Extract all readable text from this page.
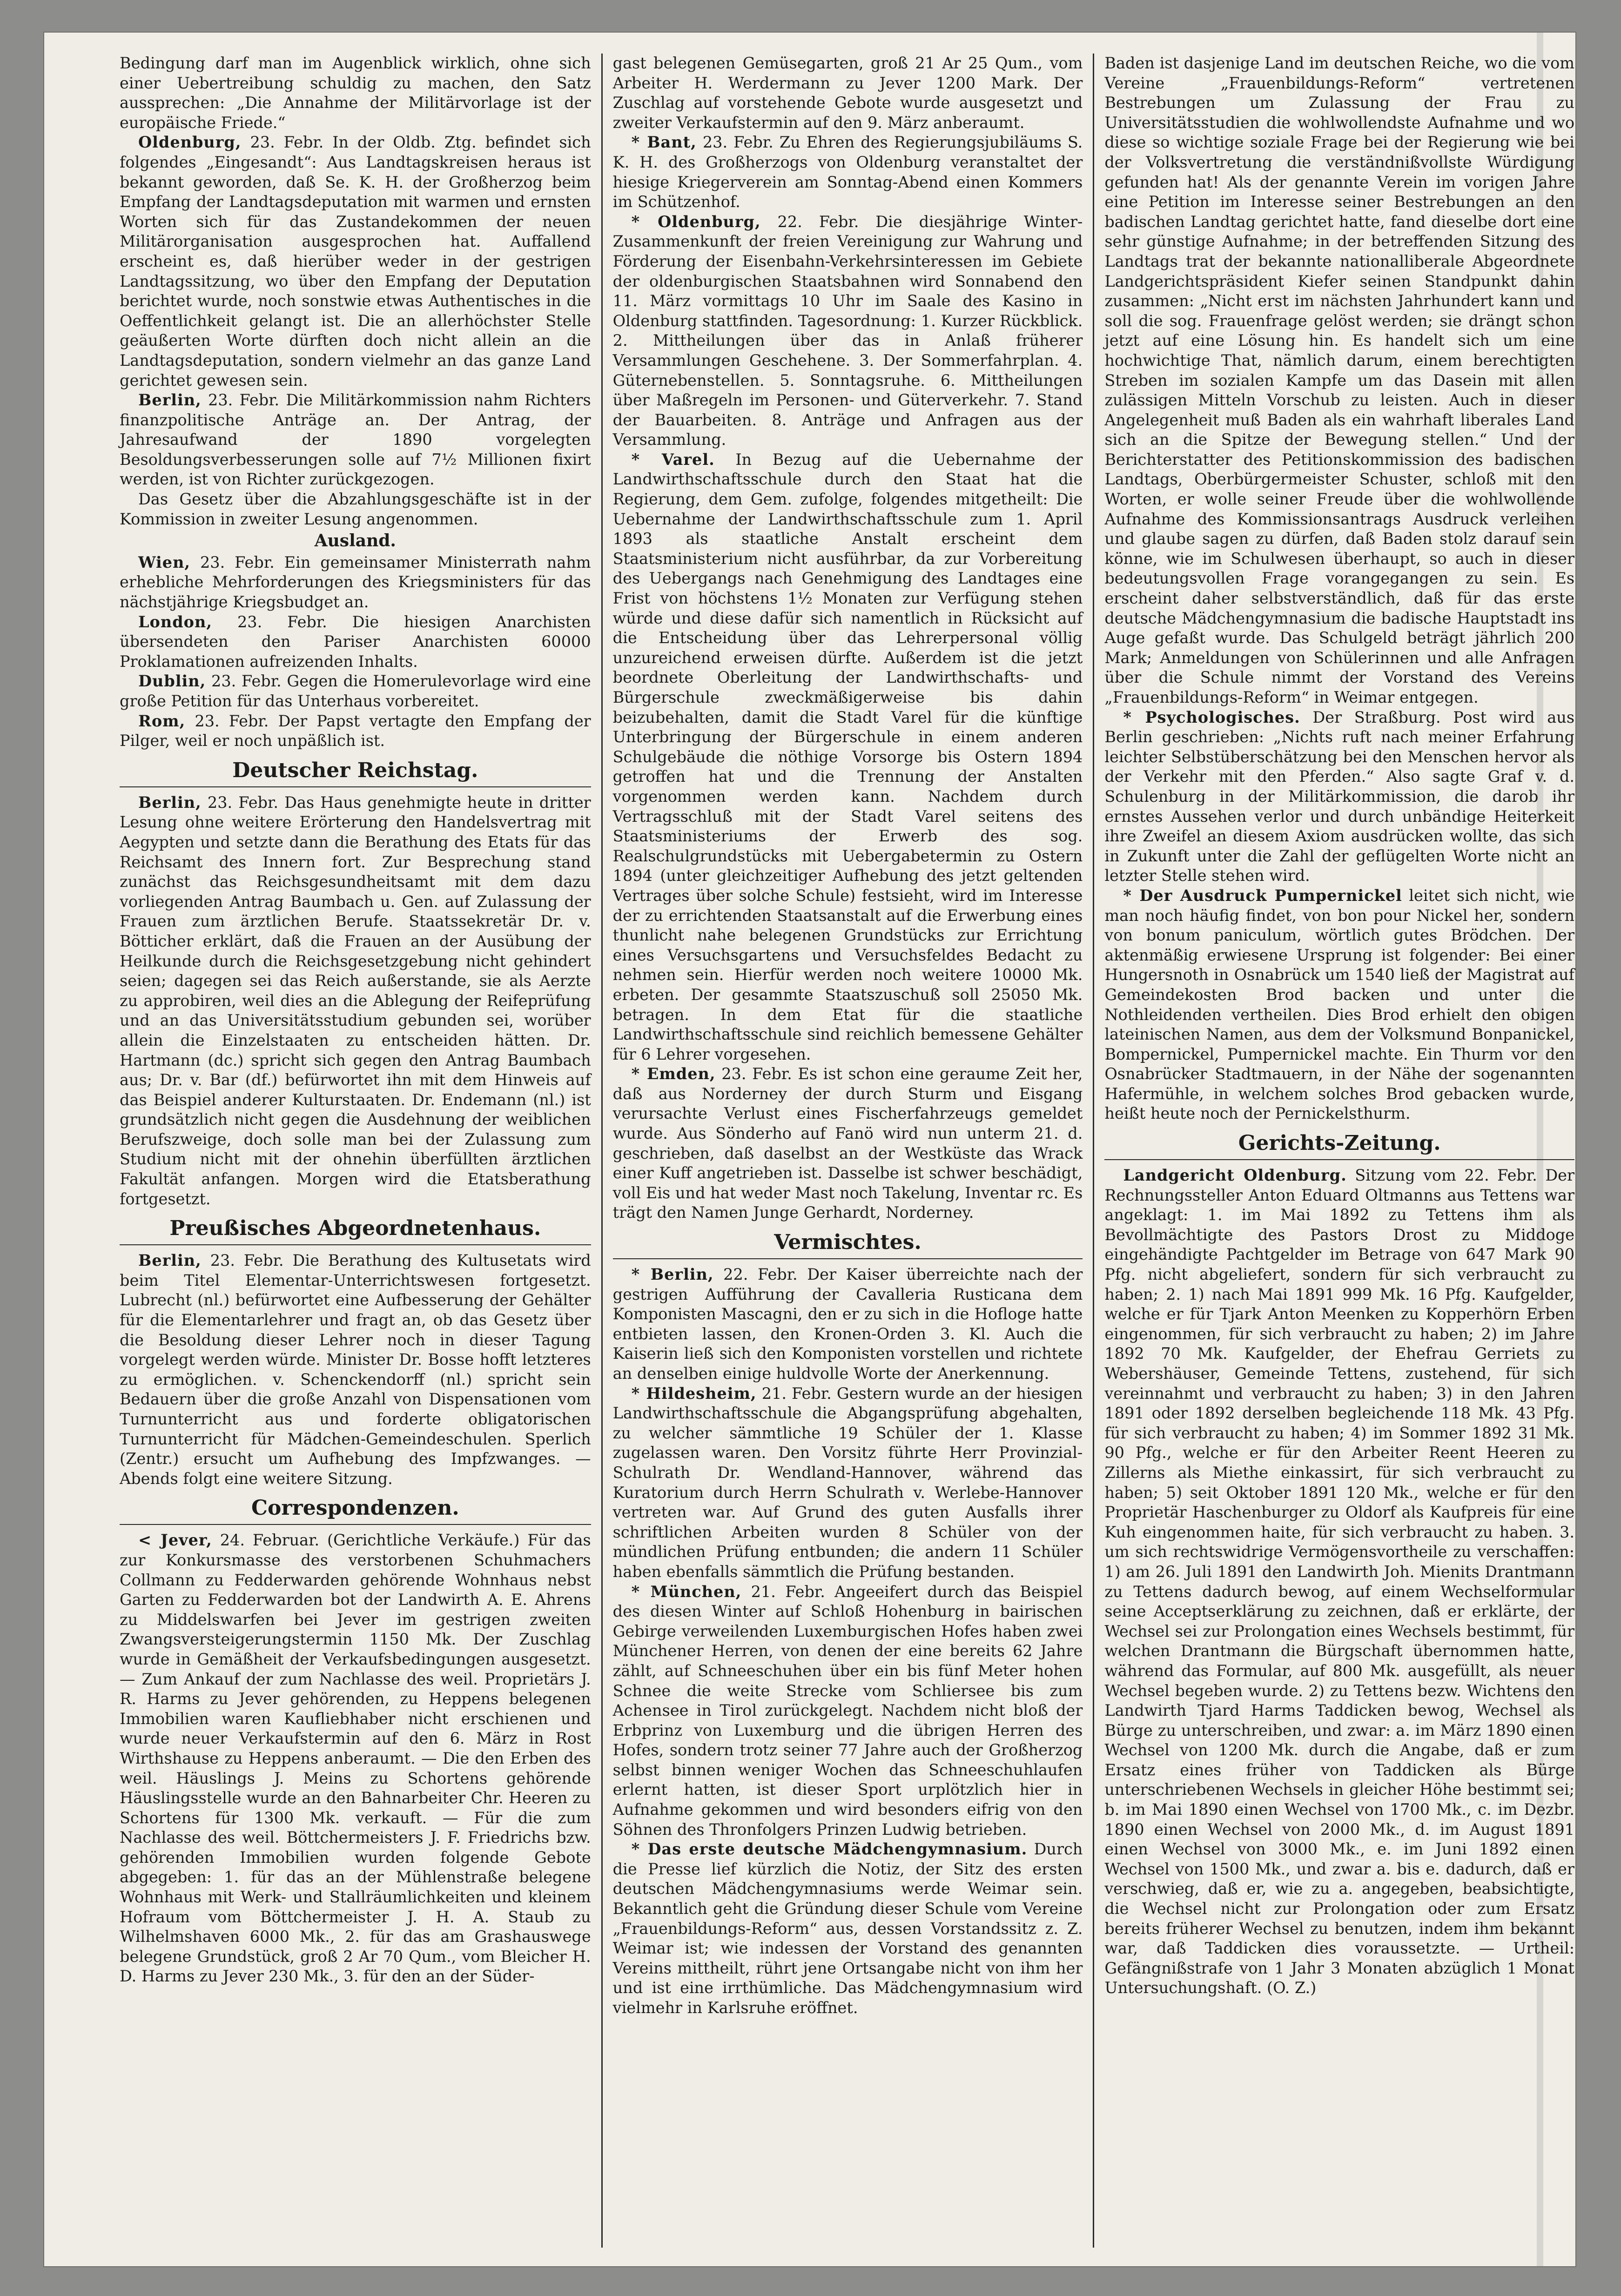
Bedingung darf man im Augenblick wirklich, ohne sich einer Uebertreibung schuldig zu machen, den Satz aussprechen: „Die Annahme der Militärvorlage ist der europäische Friede.“

Oldenburg, 23. Febr. In der Oldb. Ztg. befindet sich folgendes „Eingesandt“: Aus Landtagskreisen heraus ist bekannt geworden, daß Se. K. H. der Großherzog beim Empfang der Landtagsdeputation mit warmen und ernsten Worten sich für das Zustandekommen der neuen Militärorganisation ausgesprochen hat. Auffallend erscheint es, daß hierüber weder in der gestrigen Landtagssitzung, wo über den Empfang der Deputation berichtet wurde, noch sonstwie etwas Authentisches in die Oeffentlichkeit gelangt ist. Die an allerhöchster Stelle geäußerten Worte dürften doch nicht allein an die Landtagsdeputation, sondern vielmehr an das ganze Land gerichtet gewesen sein.

Berlin, 23. Febr. Die Militärkommission nahm Richters finanzpolitische Anträge an. Der Antrag, der Jahresaufwand der 1890 vorgelegten Besoldungsverbesserungen solle auf 7½ Millionen fixirt werden, ist von Richter zurückgezogen.

Das Gesetz über die Abzahlungsgeschäfte ist in der Kommission in zweiter Lesung angenommen.

Ausland.

Wien, 23. Febr. Ein gemeinsamer Ministerrath nahm erhebliche Mehrforderungen des Kriegsministers für das nächstjährige Kriegsbudget an.

London, 23. Febr. Die hiesigen Anarchisten übersendeten den Pariser Anarchisten 60000 Proklamationen aufreizenden Inhalts.

Dublin, 23. Febr. Gegen die Homerulevorlage wird eine große Petition für das Unterhaus vorbereitet.

Rom, 23. Febr. Der Papst vertagte den Empfang der Pilger, weil er noch unpäßlich ist.

Deutscher Reichstag.

Berlin, 23. Febr. Das Haus genehmigte heute in dritter Lesung ohne weitere Erörterung den Handelsvertrag mit Aegypten und setzte dann die Berathung des Etats für das Reichsamt des Innern fort. Zur Besprechung stand zunächst das Reichsgesundheitsamt mit dem dazu vorliegenden Antrag Baumbach u. Gen. auf Zulassung der Frauen zum ärztlichen Berufe. Staatssekretär Dr. v. Bötticher erklärt, daß die Frauen an der Ausübung der Heilkunde durch die Reichsgesetzgebung nicht gehindert seien; dagegen sei das Reich außerstande, sie als Aerzte zu approbiren, weil dies an die Ablegung der Reifeprüfung und an das Universitätsstudium gebunden sei, worüber allein die Einzelstaaten zu entscheiden hätten. Dr. Hartmann (dc.) spricht sich gegen den Antrag Baumbach aus; Dr. v. Bar (df.) befürwortet ihn mit dem Hinweis auf das Beispiel anderer Kulturstaaten. Dr. Endemann (nl.) ist grundsätzlich nicht gegen die Ausdehnung der weiblichen Berufszweige, doch solle man bei der Zulassung zum Studium nicht mit der ohnehin überfüllten ärztlichen Fakultät anfangen. Morgen wird die Etatsberathung fortgesetzt.

Preußisches Abgeordnetenhaus.

Berlin, 23. Febr. Die Berathung des Kultusetats wird beim Titel Elementar-Unterrichtswesen fortgesetzt. Lubrecht (nl.) befürwortet eine Aufbesserung der Gehälter für die Elementarlehrer und fragt an, ob das Gesetz über die Besoldung dieser Lehrer noch in dieser Tagung vorgelegt werden würde. Minister Dr. Bosse hofft letzteres zu ermöglichen. v. Schenckendorff (nl.) spricht sein Bedauern über die große Anzahl von Dispensationen vom Turnunterricht aus und forderte obligatorischen Turnunterricht für Mädchen-Gemeindeschulen. Sperlich (Zentr.) ersucht um Aufhebung des Impfzwanges. — Abends folgt eine weitere Sitzung.

Correspondenzen.

< Jever, 24. Februar. (Gerichtliche Verkäufe.) Für das zur Konkursmasse des verstorbenen Schuhmachers Collmann zu Fedderwarden gehörende Wohnhaus nebst Garten zu Fedderwarden bot der Landwirth A. E. Ahrens zu Middelswarfen bei Jever im gestrigen zweiten Zwangsversteigerungstermin 1150 Mk. Der Zuschlag wurde in Gemäßheit der Verkaufsbedingungen ausgesetzt. — Zum Ankauf der zum Nachlasse des weil. Proprietärs J. R. Harms zu Jever gehörenden, zu Heppens belegenen Immobilien waren Kaufliebhaber nicht erschienen und wurde neuer Verkaufstermin auf den 6. März in Rost Wirthshause zu Heppens anberaumt. — Die den Erben des weil. Häuslings J. Meins zu Schortens gehörende Häuslingsstelle wurde an den Bahnarbeiter Chr. Heeren zu Schortens für 1300 Mk. verkauft. — Für die zum Nachlasse des weil. Böttchermeisters J. F. Friedrichs bzw. gehörenden Immobilien wurden folgende Gebote abgegeben: 1. für das an der Mühlenstraße belegene Wohnhaus mit Werk- und Stallräumlichkeiten und kleinem Hofraum vom Böttchermeister J. H. A. Staub zu Wilhelmshaven 6000 Mk., 2. für das am Grashauswege belegene Grundstück, groß 2 Ar 70 Qum., vom Bleicher H. D. Harms zu Jever 230 Mk., 3. für den an der Süder-

gast belegenen Gemüsegarten, groß 21 Ar 25 Qum., vom Arbeiter H. Werdermann zu Jever 1200 Mark. Der Zuschlag auf vorstehende Gebote wurde ausgesetzt und zweiter Verkaufstermin auf den 9. März anberaumt.

* Bant, 23. Febr. Zu Ehren des Regierungsjubiläums S. K. H. des Großherzogs von Oldenburg veranstaltet der hiesige Kriegerverein am Sonntag-Abend einen Kommers im Schützenhof.

* Oldenburg, 22. Febr. Die diesjährige Winter-Zusammenkunft der freien Vereinigung zur Wahrung und Förderung der Eisenbahn-Verkehrsinteressen im Gebiete der oldenburgischen Staatsbahnen wird Sonnabend den 11. März vormittags 10 Uhr im Saale des Kasino in Oldenburg stattfinden. Tagesordnung: 1. Kurzer Rückblick. 2. Mittheilungen über das in Anlaß früherer Versammlungen Geschehene. 3. Der Sommerfahrplan. 4. Güternebenstellen. 5. Sonntagsruhe. 6. Mittheilungen über Maßregeln im Personen- und Güterverkehr. 7. Stand der Bauarbeiten. 8. Anträge und Anfragen aus der Versammlung.

* Varel. In Bezug auf die Uebernahme der Landwirthschaftsschule durch den Staat hat die Regierung, dem Gem. zufolge, folgendes mitgetheilt: Die Uebernahme der Landwirthschaftsschule zum 1. April 1893 als staatliche Anstalt erscheint dem Staatsministerium nicht ausführbar, da zur Vorbereitung des Uebergangs nach Genehmigung des Landtages eine Frist von höchstens 1½ Monaten zur Verfügung stehen würde und diese dafür sich namentlich in Rücksicht auf die Entscheidung über das Lehrerpersonal völlig unzureichend erweisen dürfte. Außerdem ist die jetzt beordnete Oberleitung der Landwirthschafts- und Bürgerschule zweckmäßigerweise bis dahin beizubehalten, damit die Stadt Varel für die künftige Unterbringung der Bürgerschule in einem anderen Schulgebäude die nöthige Vorsorge bis Ostern 1894 getroffen hat und die Trennung der Anstalten vorgenommen werden kann. Nachdem durch Vertragsschluß mit der Stadt Varel seitens des Staatsministeriums der Erwerb des sog. Realschulgrundstücks mit Uebergabetermin zu Ostern 1894 (unter gleichzeitiger Aufhebung des jetzt geltenden Vertrages über solche Schule) festsieht, wird im Interesse der zu errichtenden Staatsanstalt auf die Erwerbung eines thunlicht nahe belegenen Grundstücks zur Errichtung eines Versuchsgartens und Versuchsfeldes Bedacht zu nehmen sein. Hierfür werden noch weitere 10000 Mk. erbeten. Der gesammte Staatszuschuß soll 25050 Mk. betragen. In dem Etat für die staatliche Landwirthschaftsschule sind reichlich bemessene Gehälter für 6 Lehrer vorgesehen.

* Emden, 23. Febr. Es ist schon eine geraume Zeit her, daß aus Norderney der durch Sturm und Eisgang verursachte Verlust eines Fischerfahrzeugs gemeldet wurde. Aus Sönderho auf Fanö wird nun unterm 21. d. geschrieben, daß daselbst an der Westküste das Wrack einer Kuff angetrieben ist. Dasselbe ist schwer beschädigt, voll Eis und hat weder Mast noch Takelung, Inventar rc. Es trägt den Namen Junge Gerhardt, Norderney.

Vermischtes.

* Berlin, 22. Febr. Der Kaiser überreichte nach der gestrigen Aufführung der Cavalleria Rusticana dem Komponisten Mascagni, den er zu sich in die Hofloge hatte entbieten lassen, den Kronen-Orden 3. Kl. Auch die Kaiserin ließ sich den Komponisten vorstellen und richtete an denselben einige huldvolle Worte der Anerkennung.

* Hildesheim, 21. Febr. Gestern wurde an der hiesigen Landwirthschaftsschule die Abgangsprüfung abgehalten, zu welcher sämmtliche 19 Schüler der 1. Klasse zugelassen waren. Den Vorsitz führte Herr Provinzial-Schulrath Dr. Wendland-Hannover, während das Kuratorium durch Herrn Schulrath v. Werlebe-Hannover vertreten war. Auf Grund des guten Ausfalls ihrer schriftlichen Arbeiten wurden 8 Schüler von der mündlichen Prüfung entbunden; die andern 11 Schüler haben ebenfalls sämmtlich die Prüfung bestanden.

* München, 21. Febr. Angeeifert durch das Beispiel des diesen Winter auf Schloß Hohenburg in bairischen Gebirge verweilenden Luxemburgischen Hofes haben zwei Münchener Herren, von denen der eine bereits 62 Jahre zählt, auf Schneeschuhen über ein bis fünf Meter hohen Schnee die weite Strecke vom Schliersee bis zum Achensee in Tirol zurückgelegt. Nachdem nicht bloß der Erbprinz von Luxemburg und die übrigen Herren des Hofes, sondern trotz seiner 77 Jahre auch der Großherzog selbst binnen weniger Wochen das Schneeschuhlaufen erlernt hatten, ist dieser Sport urplötzlich hier in Aufnahme gekommen und wird besonders eifrig von den Söhnen des Thronfolgers Prinzen Ludwig betrieben.

* Das erste deutsche Mädchengymnasium. Durch die Presse lief kürzlich die Notiz, der Sitz des ersten deutschen Mädchengymnasiums werde Weimar sein. Bekanntlich geht die Gründung dieser Schule vom Vereine „Frauenbildungs-Reform“ aus, dessen Vorstandssitz z. Z. Weimar ist; wie indessen der Vorstand des genannten Vereins mittheilt, rührt jene Ortsangabe nicht von ihm her und ist eine irrthümliche. Das Mädchengymnasium wird vielmehr in Karlsruhe eröffnet.

Baden ist dasjenige Land im deutschen Reiche, wo die vom Vereine „Frauenbildungs-Reform“ vertretenen Bestrebungen um Zulassung der Frau zu Universitätsstudien die wohlwollendste Aufnahme und wo diese so wichtige soziale Frage bei der Regierung wie bei der Volksvertretung die verständnißvollste Würdigung gefunden hat! Als der genannte Verein im vorigen Jahre eine Petition im Interesse seiner Bestrebungen an den badischen Landtag gerichtet hatte, fand dieselbe dort eine sehr günstige Aufnahme; in der betreffenden Sitzung des Landtags trat der bekannte nationalliberale Abgeordnete Landgerichtspräsident Kiefer seinen Standpunkt dahin zusammen: „Nicht erst im nächsten Jahrhundert kann und soll die sog. Frauenfrage gelöst werden; sie drängt schon jetzt auf eine Lösung hin. Es handelt sich um eine hochwichtige That, nämlich darum, einem berechtigten Streben im sozialen Kampfe um das Dasein mit allen zulässigen Mitteln Vorschub zu leisten. Auch in dieser Angelegenheit muß Baden als ein wahrhaft liberales Land sich an die Spitze der Bewegung stellen.“ Und der Berichterstatter des Petitionskommission des badischen Landtags, Oberbürgermeister Schuster, schloß mit den Worten, er wolle seiner Freude über die wohlwollende Aufnahme des Kommissionsantrags Ausdruck verleihen und glaube sagen zu dürfen, daß Baden stolz darauf sein könne, wie im Schulwesen überhaupt, so auch in dieser bedeutungsvollen Frage vorangegangen zu sein. Es erscheint daher selbstverständlich, daß für das erste deutsche Mädchengymnasium die badische Hauptstadt ins Auge gefaßt wurde. Das Schulgeld beträgt jährlich 200 Mark; Anmeldungen von Schülerinnen und alle Anfragen über die Schule nimmt der Vorstand des Vereins „Frauenbildungs-Reform“ in Weimar entgegen.

* Psychologisches. Der Straßburg. Post wird aus Berlin geschrieben: „Nichts ruft nach meiner Erfahrung leichter Selbstüberschätzung bei den Menschen hervor als der Verkehr mit den Pferden.“ Also sagte Graf v. d. Schulenburg in der Militärkommission, die darob ihr ernstes Aussehen verlor und durch unbändige Heiterkeit ihre Zweifel an diesem Axiom ausdrücken wollte, das sich in Zukunft unter die Zahl der geflügelten Worte nicht an letzter Stelle stehen wird.

* Der Ausdruck Pumpernickel leitet sich nicht, wie man noch häufig findet, von bon pour Nickel her, sondern von bonum paniculum, wörtlich gutes Brödchen. Der aktenmäßig erwiesene Ursprung ist folgender: Bei einer Hungersnoth in Osnabrück um 1540 ließ der Magistrat auf Gemeindekosten Brod backen und unter die Nothleidenden vertheilen. Dies Brod erhielt den obigen lateinischen Namen, aus dem der Volksmund Bonpanickel, Bompernickel, Pumpernickel machte. Ein Thurm vor den Osnabrücker Stadtmauern, in der Nähe der sogenannten Hafermühle, in welchem solches Brod gebacken wurde, heißt heute noch der Pernickelsthurm.

Gerichts-Zeitung.

Landgericht Oldenburg. Sitzung vom 22. Febr. Der Rechnungssteller Anton Eduard Oltmanns aus Tettens war angeklagt: 1. im Mai 1892 zu Tettens ihm als Bevollmächtigte des Pastors Drost zu Middoge eingehändigte Pachtgelder im Betrage von 647 Mark 90 Pfg. nicht abgeliefert, sondern für sich verbraucht zu haben; 2. 1) nach Mai 1891 999 Mk. 16 Pfg. Kaufgelder, welche er für Tjark Anton Meenken zu Kopperhörn Erben eingenommen, für sich verbraucht zu haben; 2) im Jahre 1892 70 Mk. Kaufgelder, der Ehefrau Gerriets zu Webershäuser, Gemeinde Tettens, zustehend, für sich vereinnahmt und verbraucht zu haben; 3) in den Jahren 1891 oder 1892 derselben begleichende 118 Mk. 43 Pfg. für sich verbraucht zu haben; 4) im Sommer 1892 31 Mk. 90 Pfg., welche er für den Arbeiter Reent Heeren zu Zillerns als Miethe einkassirt, für sich verbraucht zu haben; 5) seit Oktober 1891 120 Mk., welche er für den Proprietär Haschenburger zu Oldorf als Kaufpreis für eine Kuh eingenommen haite, für sich verbraucht zu haben. 3. um sich rechtswidrige Vermögensvortheile zu verschaffen: 1) am 26. Juli 1891 den Landwirth Joh. Mienits Drantmann zu Tettens dadurch bewog, auf einem Wechselformular seine Acceptserklärung zu zeichnen, daß er erklärte, der Wechsel sei zur Prolongation eines Wechsels bestimmt, für welchen Drantmann die Bürgschaft übernommen hatte, während das Formular, auf 800 Mk. ausgefüllt, als neuer Wechsel begeben wurde. 2) zu Tettens bezw. Wichtens den Landwirth Tjard Harms Taddicken bewog, Wechsel als Bürge zu unterschreiben, und zwar: a. im März 1890 einen Wechsel von 1200 Mk. durch die Angabe, daß er zum Ersatz eines früher von Taddicken als Bürge unterschriebenen Wechsels in gleicher Höhe bestimmt sei; b. im Mai 1890 einen Wechsel von 1700 Mk., c. im Dezbr. 1890 einen Wechsel von 2000 Mk., d. im August 1891 einen Wechsel von 3000 Mk., e. im Juni 1892 einen Wechsel von 1500 Mk., und zwar a. bis e. dadurch, daß er verschwieg, daß er, wie zu a. angegeben, beabsichtigte, die Wechsel nicht zur Prolongation oder zum Ersatz bereits früherer Wechsel zu benutzen, indem ihm bekannt war, daß Taddicken dies voraussetzte. — Urtheil: Gefängnißstrafe von 1 Jahr 3 Monaten abzüglich 1 Monat Untersuchungshaft. (O. Z.)
